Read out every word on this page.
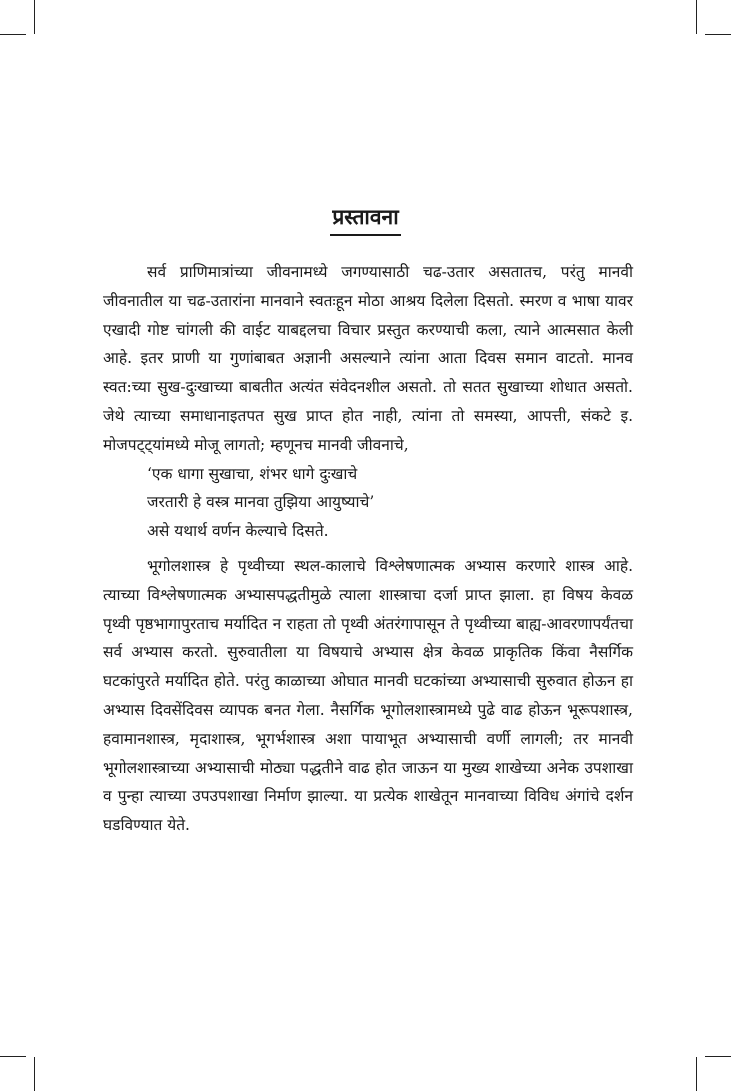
प्रस्तावना

सर्व प्राणिमात्रांच्या जीवनामध्ये जगण्यासाठी चढ-उतार असतातच, परंतु मानवी जीवनातील या चढ-उतारांना मानवाने स्वतःहून मोठा आश्रय दिलेला दिसतो. स्मरण व भाषा यावर एखादी गोष्ट चांगली की वाईट याबद्दलचा विचार प्रस्तुत करण्याची कला, त्याने आत्मसात केली आहे. इतर प्राणी या गुणांबाबत अज्ञानी असल्याने त्यांना आता दिवस समान वाटतो. मानव स्वत:च्या सुख-दुःखाच्या बाबतीत अत्यंत संवेदनशील असतो. तो सतत सुखाच्या शोधात असतो. जेथे त्याच्या समाधानाइतपत सुख प्राप्त होत नाही, त्यांना तो समस्या, आपत्ती, संकटे इ. मोजपट्ट्यांमध्ये मोजू लागतो; म्हणूनच मानवी जीवनाचे,

‘एक धागा सुखाचा, शंभर धागे दुःखाचे
जरतारी हे वस्त्र मानवा तुझिया आयुष्याचे’
असे यथार्थ वर्णन केल्याचे दिसते.

भूगोलशास्त्र हे पृथ्वीच्या स्थल-कालाचे विश्लेषणात्मक अभ्यास करणारे शास्त्र आहे. त्याच्या विश्लेषणात्मक अभ्यासपद्धतीमुळे त्याला शास्त्राचा दर्जा प्राप्त झाला. हा विषय केवळ पृथ्वी पृष्ठभागापुरताच मर्यादित न राहता तो पृथ्वी अंतरंगापासून ते पृथ्वीच्या बाह्य-आवरणापर्यंतचा सर्व अभ्यास करतो. सुरुवातीला या विषयाचे अभ्यास क्षेत्र केवळ प्राकृतिक किंवा नैसर्गिक घटकांपुरते मर्यादित होते. परंतु काळाच्या ओघात मानवी घटकांच्या अभ्यासाची सुरुवात होऊन हा अभ्यास दिवसेंदिवस व्यापक बनत गेला. नैसर्गिक भूगोलशास्त्रामध्ये पुढे वाढ होऊन भूरूपशास्त्र, हवामानशास्त्र, मृदाशास्त्र, भूगर्भशास्त्र अशा पायाभूत अभ्यासाची वर्णी लागली; तर मानवी भूगोलशास्त्राच्या अभ्यासाची मोठ्या पद्धतीने वाढ होत जाऊन या मुख्य शाखेच्या अनेक उपशाखा व पुन्हा त्याच्या उपउपशाखा निर्माण झाल्या. या प्रत्येक शाखेतून मानवाच्या विविध अंगांचे दर्शन घडविण्यात येते.
